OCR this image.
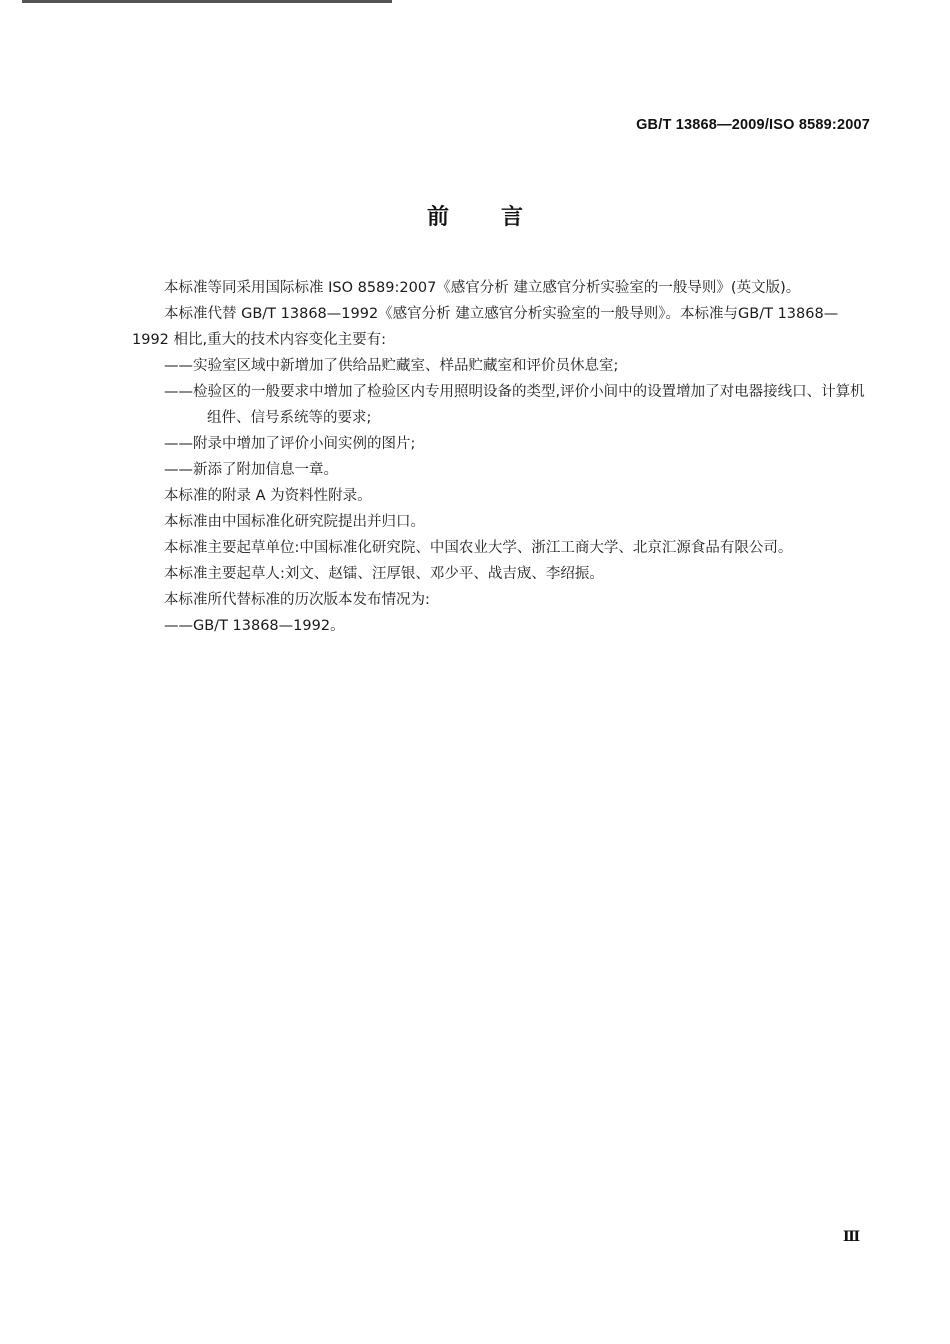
GB/T 13868—2009/ISO 8589:2007
前 言

本标准等同采用国际标准 ISO 8589:2007《感官分析 建立感官分析实验室的一般导则》(英文版)。

本标准代替 GB/T 13868—1992《感官分析 建立感官分析实验室的一般导则》。本标准与GB/T 13868—1992 相比,重大的技术内容变化主要有:

——实验室区域中新增加了供给品贮藏室、样品贮藏室和评价员休息室;

——检验区的一般要求中增加了检验区内专用照明设备的类型,评价小间中的设置增加了对电器接线口、计算机组件、信号系统等的要求;

——附录中增加了评价小间实例的图片;

——新添了附加信息一章。

本标准的附录 A 为资料性附录。

本标准由中国标准化研究院提出并归口。

本标准主要起草单位:中国标准化研究院、中国农业大学、浙江工商大学、北京汇源食品有限公司。

本标准主要起草人:刘文、赵镭、汪厚银、邓少平、战吉宬、李绍振。

本标准所代替标准的历次版本发布情况为:

——GB/T 13868—1992。

Ⅲ
